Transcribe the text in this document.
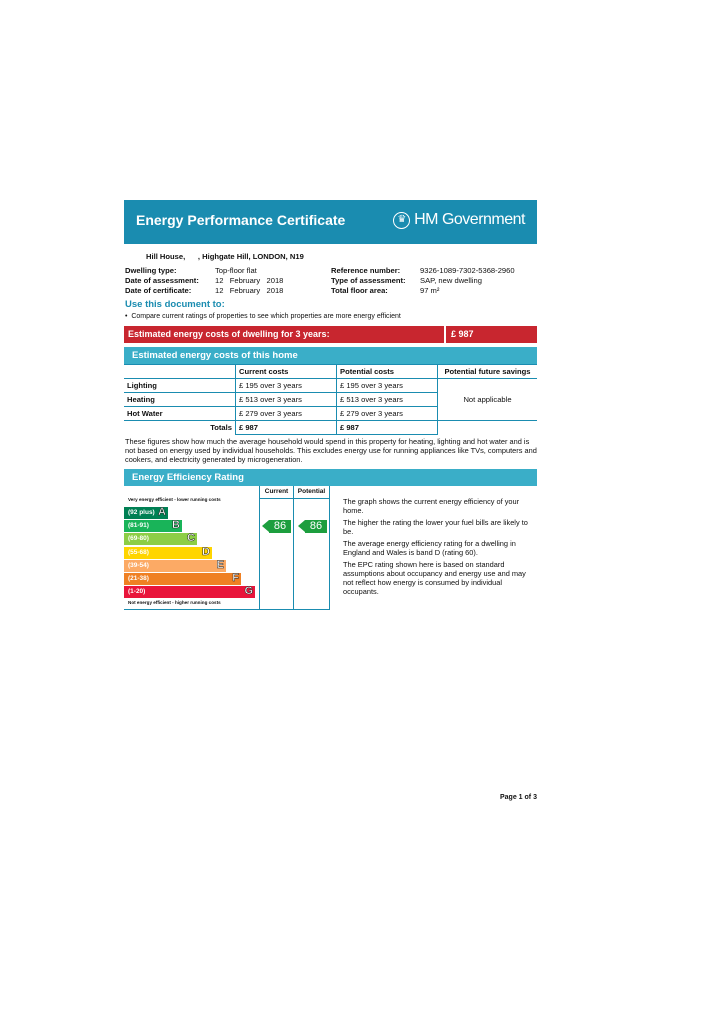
Energy Performance Certificate	♛ HM Government
Hill House,      , Highgate Hill, LONDON, N19
Dwelling type:	Top-floor flat
Date of assessment: 12   February   2018
Date of certificate:	12   February   2018
Reference number:	9326-1089-7302-5368-2960
Type of assessment: SAP, new dwelling
Total floor area:	97 m²
Use this document to:
•  Compare current ratings of properties to see which properties are more energy efficient
Estimated energy costs of dwelling for 3 years:	£ 987
Estimated energy costs of this home
	Current costs	Potential costs	Potential future savings
Lighting	£ 195 over 3 years	£ 195 over 3 years	Not applicable
Heating	£ 513 over 3 years	£ 513 over 3 years	
Hot Water	£ 279 over 3 years	£ 279 over 3 years	
Totals	£ 987	£ 987	
These figures show how much the average household would spend in this property for heating, lighting and hot water and is not based on energy used by individual households. This excludes energy use for running appliances like TVs, computers and cookers, and electricity generated by microgeneration.
Energy Efficiency Rating
Current	Potential
Very energy efficient - lower running costs
Not energy efficient - higher running costs
(92 plus) A
(81-91) B
(69-80)	C
(55-68)	D
(39-54)	E
(21-38)	F
(1-20)	G
86	86
The graph shows the current energy efficiency of your home.
The higher the rating the lower your fuel bills are likely to be.
The average energy efficiency rating for a dwelling in England and Wales is band D (rating 60).
The EPC rating shown here is based on standard assumptions about occupancy and energy use and may not reflect how energy is consumed by individual occupants.
Page 1 of 3
